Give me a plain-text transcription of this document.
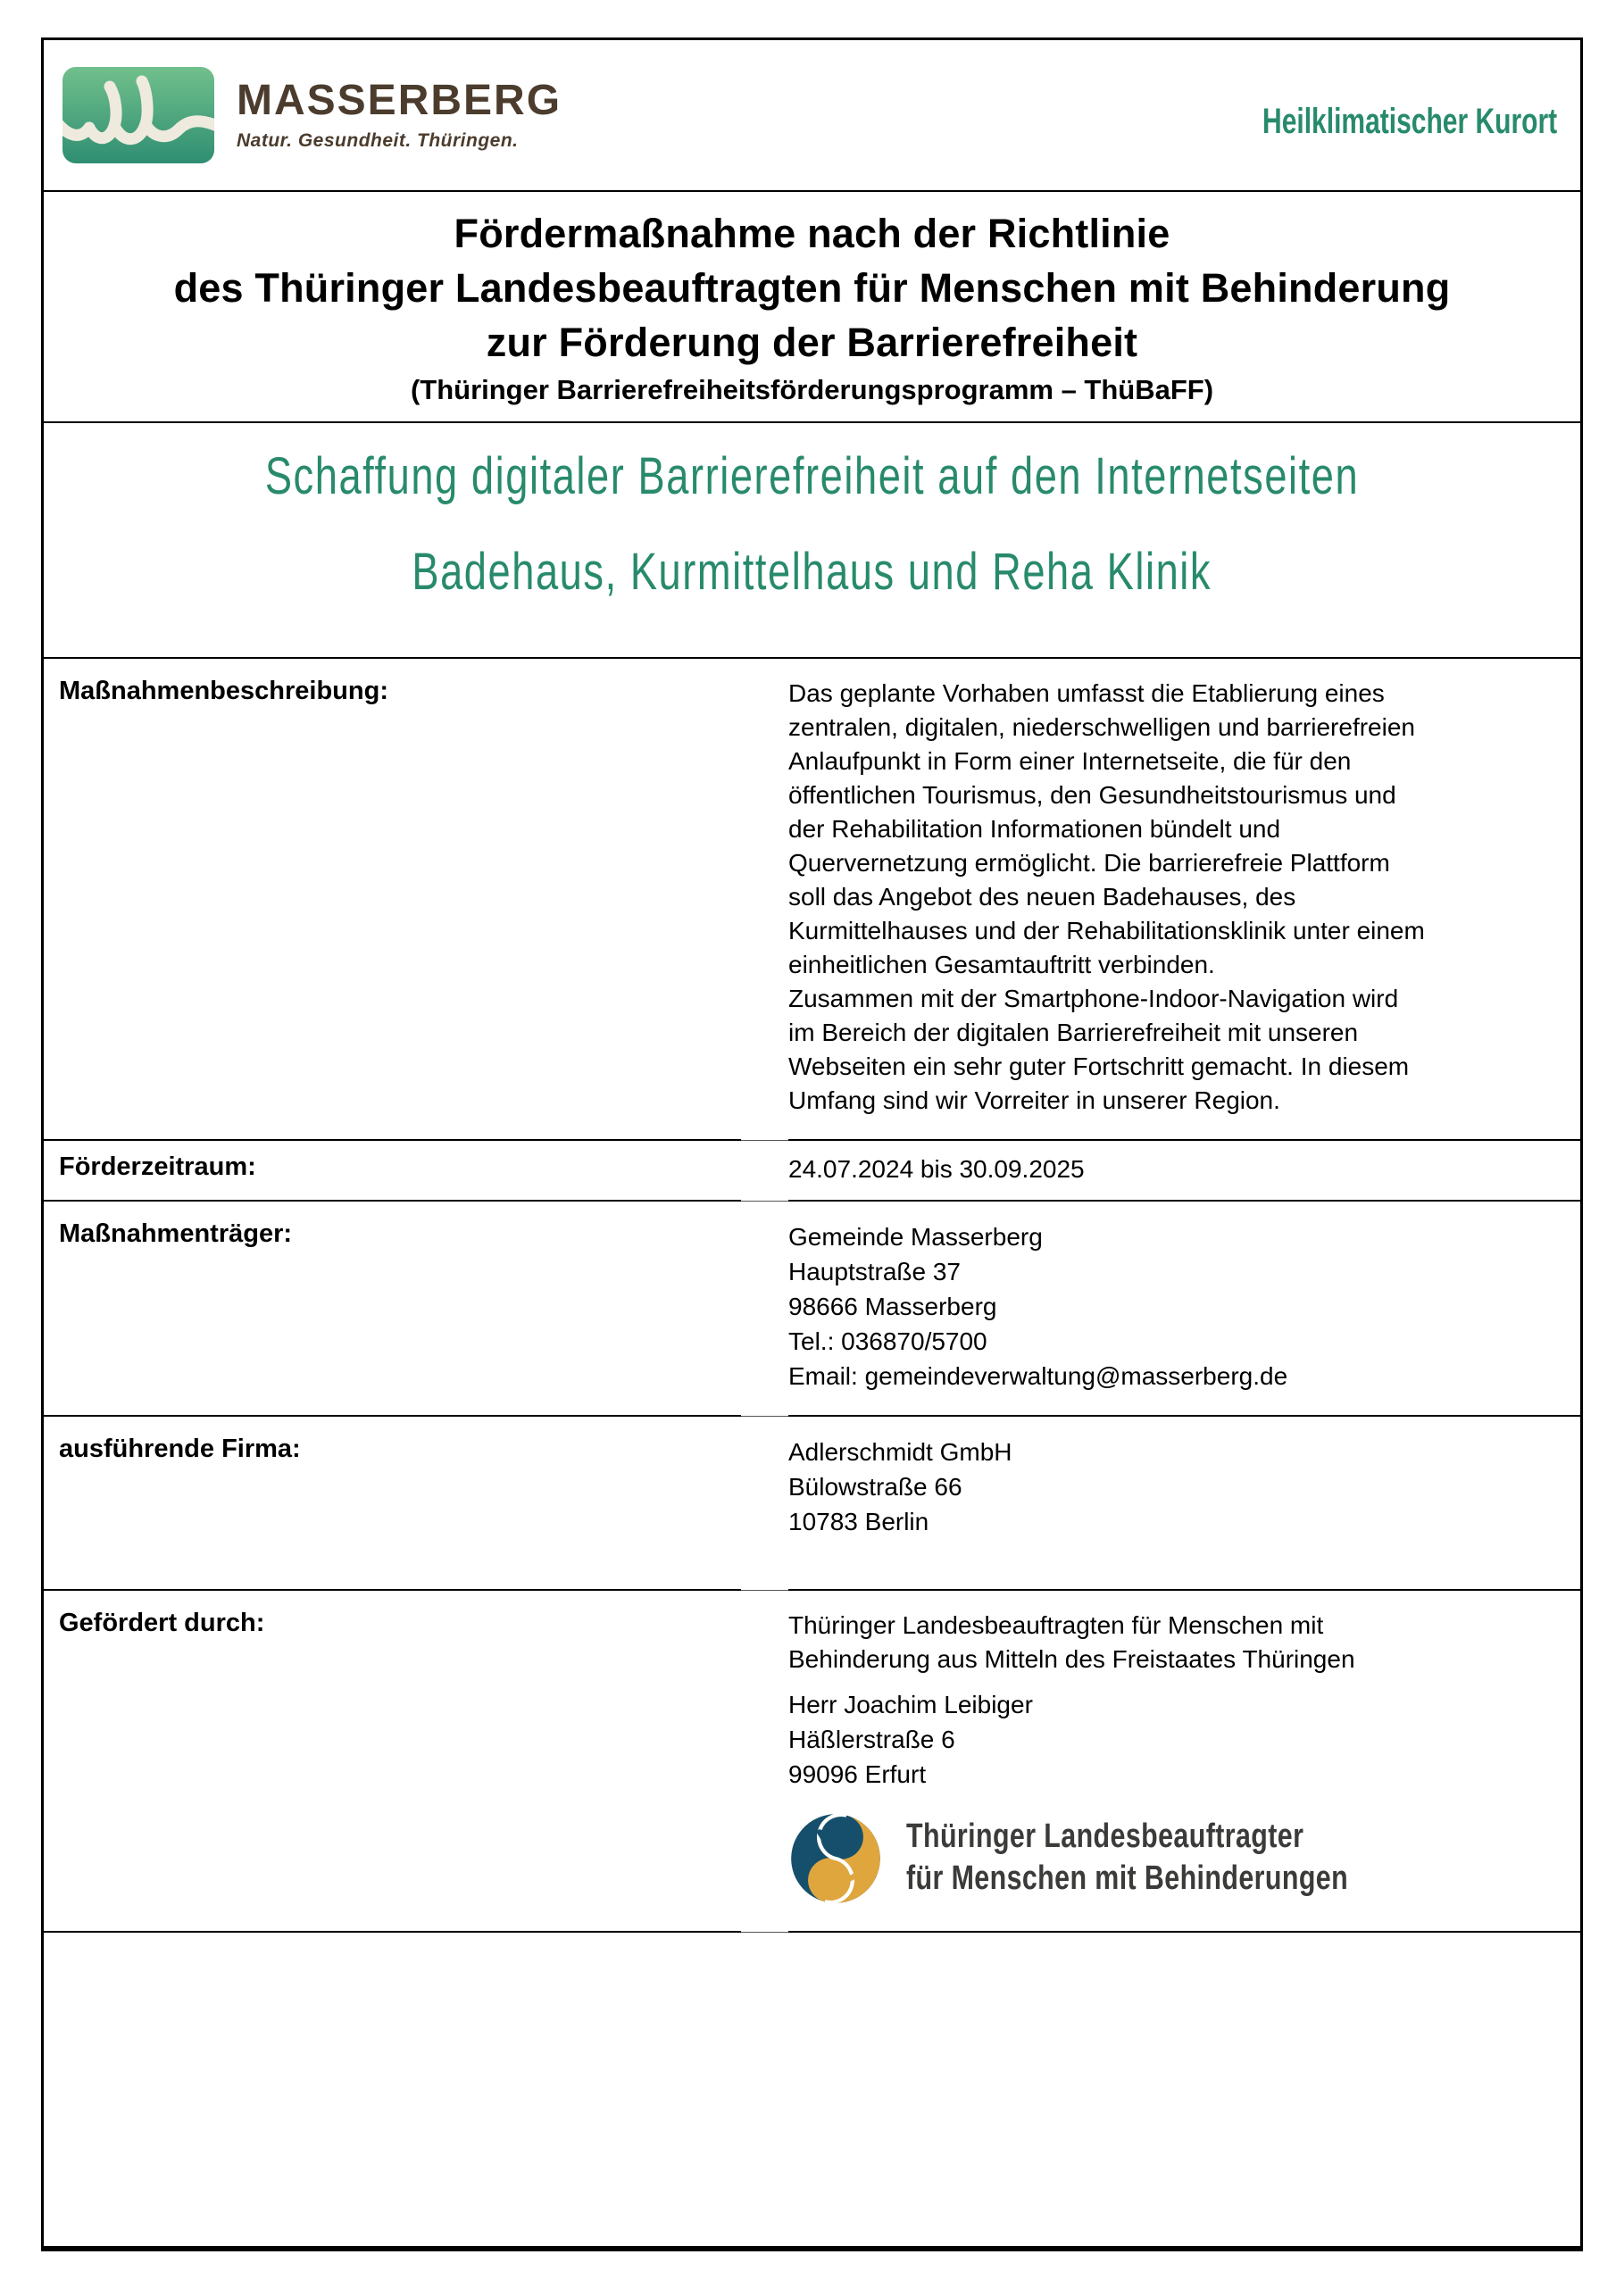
MASSERBERG
Natur. Gesundheit. Thüringen.	Heilklimatischer Kurort
Fördermaßnahme nach der Richtlinie
des Thüringer Landesbeauftragten für Menschen mit Behinderung
zur Förderung der Barrierefreiheit
(Thüringer Barrierefreiheitsförderungsprogramm – ThüBaFF)
Schaffung digitaler Barrierefreiheit auf den Internetseiten
Badehaus, Kurmittelhaus und Reha Klinik
Maßnahmenbeschreibung:	Das geplante Vorhaben umfasst die Etablierung eines zentralen, digitalen, niederschwelligen und barrierefreien Anlaufpunkt in Form einer Internetseite, die für den öffentlichen Tourismus, den Gesundheitstourismus und der Rehabilitation Informationen bündelt und Quervernetzung ermöglicht. Die barrierefreie Plattform soll das Angebot des neuen Badehauses, des Kurmittelhauses und der Rehabilitationsklinik unter einem einheitlichen Gesamtauftritt verbinden.
Zusammen mit der Smartphone-Indoor-Navigation wird im Bereich der digitalen Barrierefreiheit mit unseren Webseiten ein sehr guter Fortschritt gemacht. In diesem Umfang sind wir Vorreiter in unserer Region.
Förderzeitraum:	24.07.2024 bis 30.09.2025
Maßnahmenträger:	Gemeinde Masserberg
Hauptstraße 37
98666 Masserberg
Tel.: 036870/5700
Email: gemeindeverwaltung@masserberg.de
ausführende Firma:	Adlerschmidt GmbH
Bülowstraße 66
10783 Berlin
Gefördert durch:	Thüringer Landesbeauftragten für Menschen mit Behinderung aus Mitteln des Freistaates Thüringen
Herr Joachim Leibiger
Häßlerstraße 6
99096 Erfurt
Thüringer Landesbeauftragter
für Menschen mit Behinderungen
